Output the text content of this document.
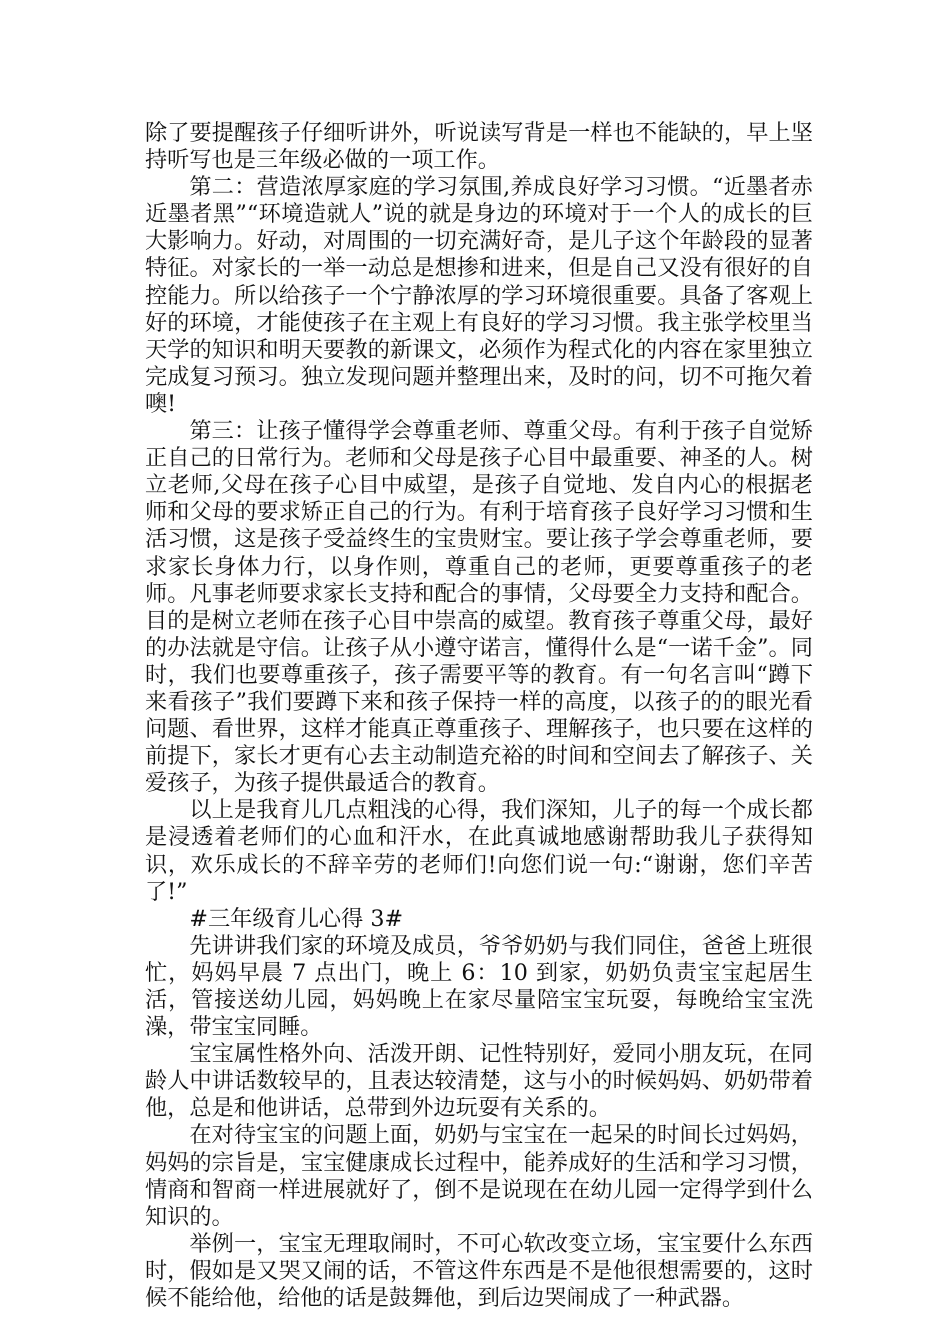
除了要提醒孩子仔细听讲外，听说读写背是一样也不能缺的，早上坚持听写也是三年级必做的一项工作。

第二：营造浓厚家庭的学习氛围,养成良好学习习惯。“近墨者赤近墨者黑”“环境造就人”说的就是身边的环境对于一个人的成长的巨大影响力。好动，对周围的一切充满好奇，是儿子这个年龄段的显著特征。对家长的一举一动总是想掺和进来，但是自己又没有很好的自控能力。所以给孩子一个宁静浓厚的学习环境很重要。具备了客观上好的环境，才能使孩子在主观上有良好的学习习惯。我主张学校里当天学的知识和明天要教的新课文，必须作为程式化的内容在家里独立完成复习预习。独立发现问题并整理出来，及时的问，切不可拖欠着噢!

第三：让孩子懂得学会尊重老师、尊重父母。有利于孩子自觉矫正自己的日常行为。老师和父母是孩子心目中最重要、神圣的人。树立老师,父母在孩子心目中威望，是孩子自觉地、发自内心的根据老师和父母的要求矫正自己的行为。有利于培育孩子良好学习习惯和生活习惯，这是孩子受益终生的宝贵财宝。要让孩子学会尊重老师，要求家长身体力行，以身作则，尊重自己的老师，更要尊重孩子的老师。凡事老师要求家长支持和配合的事情，父母要全力支持和配合。目的是树立老师在孩子心目中崇高的威望。教育孩子尊重父母，最好的办法就是守信。让孩子从小遵守诺言，懂得什么是“一诺千金”。同时，我们也要尊重孩子，孩子需要平等的教育。有一句名言叫“蹲下来看孩子”我们要蹲下来和孩子保持一样的高度，以孩子的的眼光看问题、看世界，这样才能真正尊重孩子、理解孩子，也只要在这样的前提下，家长才更有心去主动制造充裕的时间和空间去了解孩子、关爱孩子，为孩子提供最适合的教育。

以上是我育儿几点粗浅的心得，我们深知，儿子的每一个成长都是浸透着老师们的心血和汗水，在此真诚地感谢帮助我儿子获得知识，欢乐成长的不辞辛劳的老师们!向您们说一句:“谢谢，您们辛苦了!”

#三年级育儿心得 3#

先讲讲我们家的环境及成员，爷爷奶奶与我们同住，爸爸上班很忙，妈妈早晨 7 点出门，晚上 6：10 到家，奶奶负责宝宝起居生活，管接送幼儿园，妈妈晚上在家尽量陪宝宝玩耍，每晚给宝宝洗澡，带宝宝同睡。

宝宝属性格外向、活泼开朗、记性特别好，爱同小朋友玩，在同龄人中讲话数较早的，且表达较清楚，这与小的时候妈妈、奶奶带着他，总是和他讲话，总带到外边玩耍有关系的。

在对待宝宝的问题上面，奶奶与宝宝在一起呆的时间长过妈妈，妈妈的宗旨是，宝宝健康成长过程中，能养成好的生活和学习习惯，情商和智商一样进展就好了，倒不是说现在在幼儿园一定得学到什么知识的。

举例一，宝宝无理取闹时，不可心软改变立场，宝宝要什么东西时，假如是又哭又闹的话，不管这件东西是不是他很想需要的，这时候不能给他，给他的话是鼓舞他，到后边哭闹成了一种武器。
